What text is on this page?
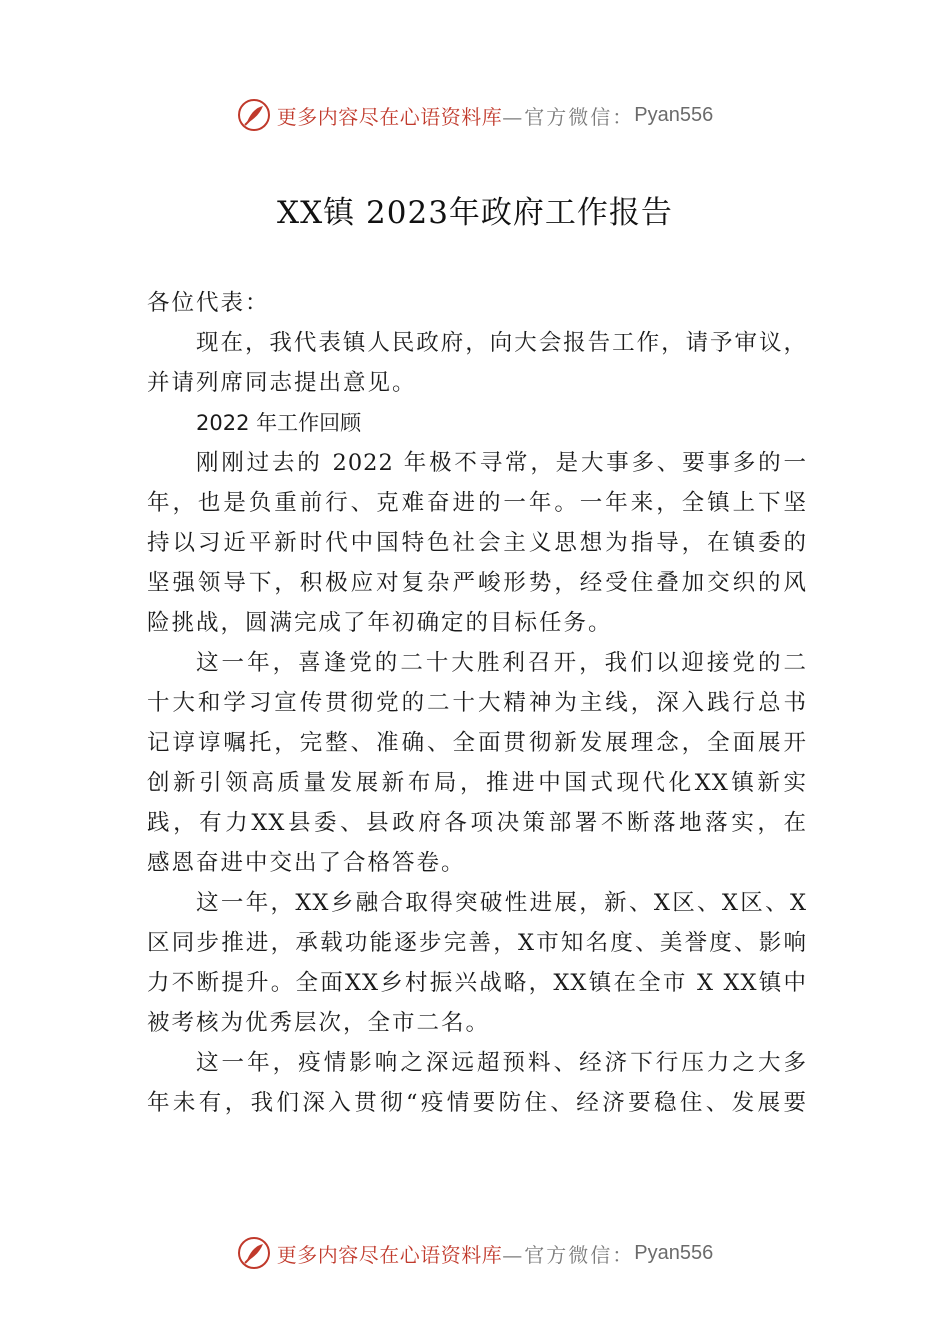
更多内容尽在心语资料库 —官方微信： Pyan556
XX镇 2023年政府工作报告
各位代表：
现在，我代表镇人民政府，向大会报告工作，请予审议，
并请列席同志提出意见。
2022 年工作回顾
刚刚过去的 2022 年极不寻常，是大事多、要事多的一
年，也是负重前行、克难奋进的一年。一年来，全镇上下坚
持以习近平新时代中国特色社会主义思想为指导，在镇委的
坚强领导下，积极应对复杂严峻形势，经受住叠加交织的风
险挑战，圆满完成了年初确定的目标任务。
这一年，喜逢党的二十大胜利召开，我们以迎接党的二
十大和学习宣传贯彻党的二十大精神为主线，深入践行总书
记谆谆嘱托，完整、准确、全面贯彻新发展理念，全面展开
创新引领高质量发展新布局，推进中国式现代化XX镇新实
践，有力XX县委、县政府各项决策部署不断落地落实，在
感恩奋进中交出了合格答卷。
这一年，XX乡融合取得突破性进展，新、X区、X区、X
区同步推进，承载功能逐步完善，X市知名度、美誉度、影响
力不断提升。全面XX乡村振兴战略，XX镇在全市 X XX镇中
被考核为优秀层次，全市二名。
这一年，疫情影响之深远超预料、经济下行压力之大多
年未有，我们深入贯彻“疫情要防住、经济要稳住、发展要
更多内容尽在心语资料库 —官方微信： Pyan556
